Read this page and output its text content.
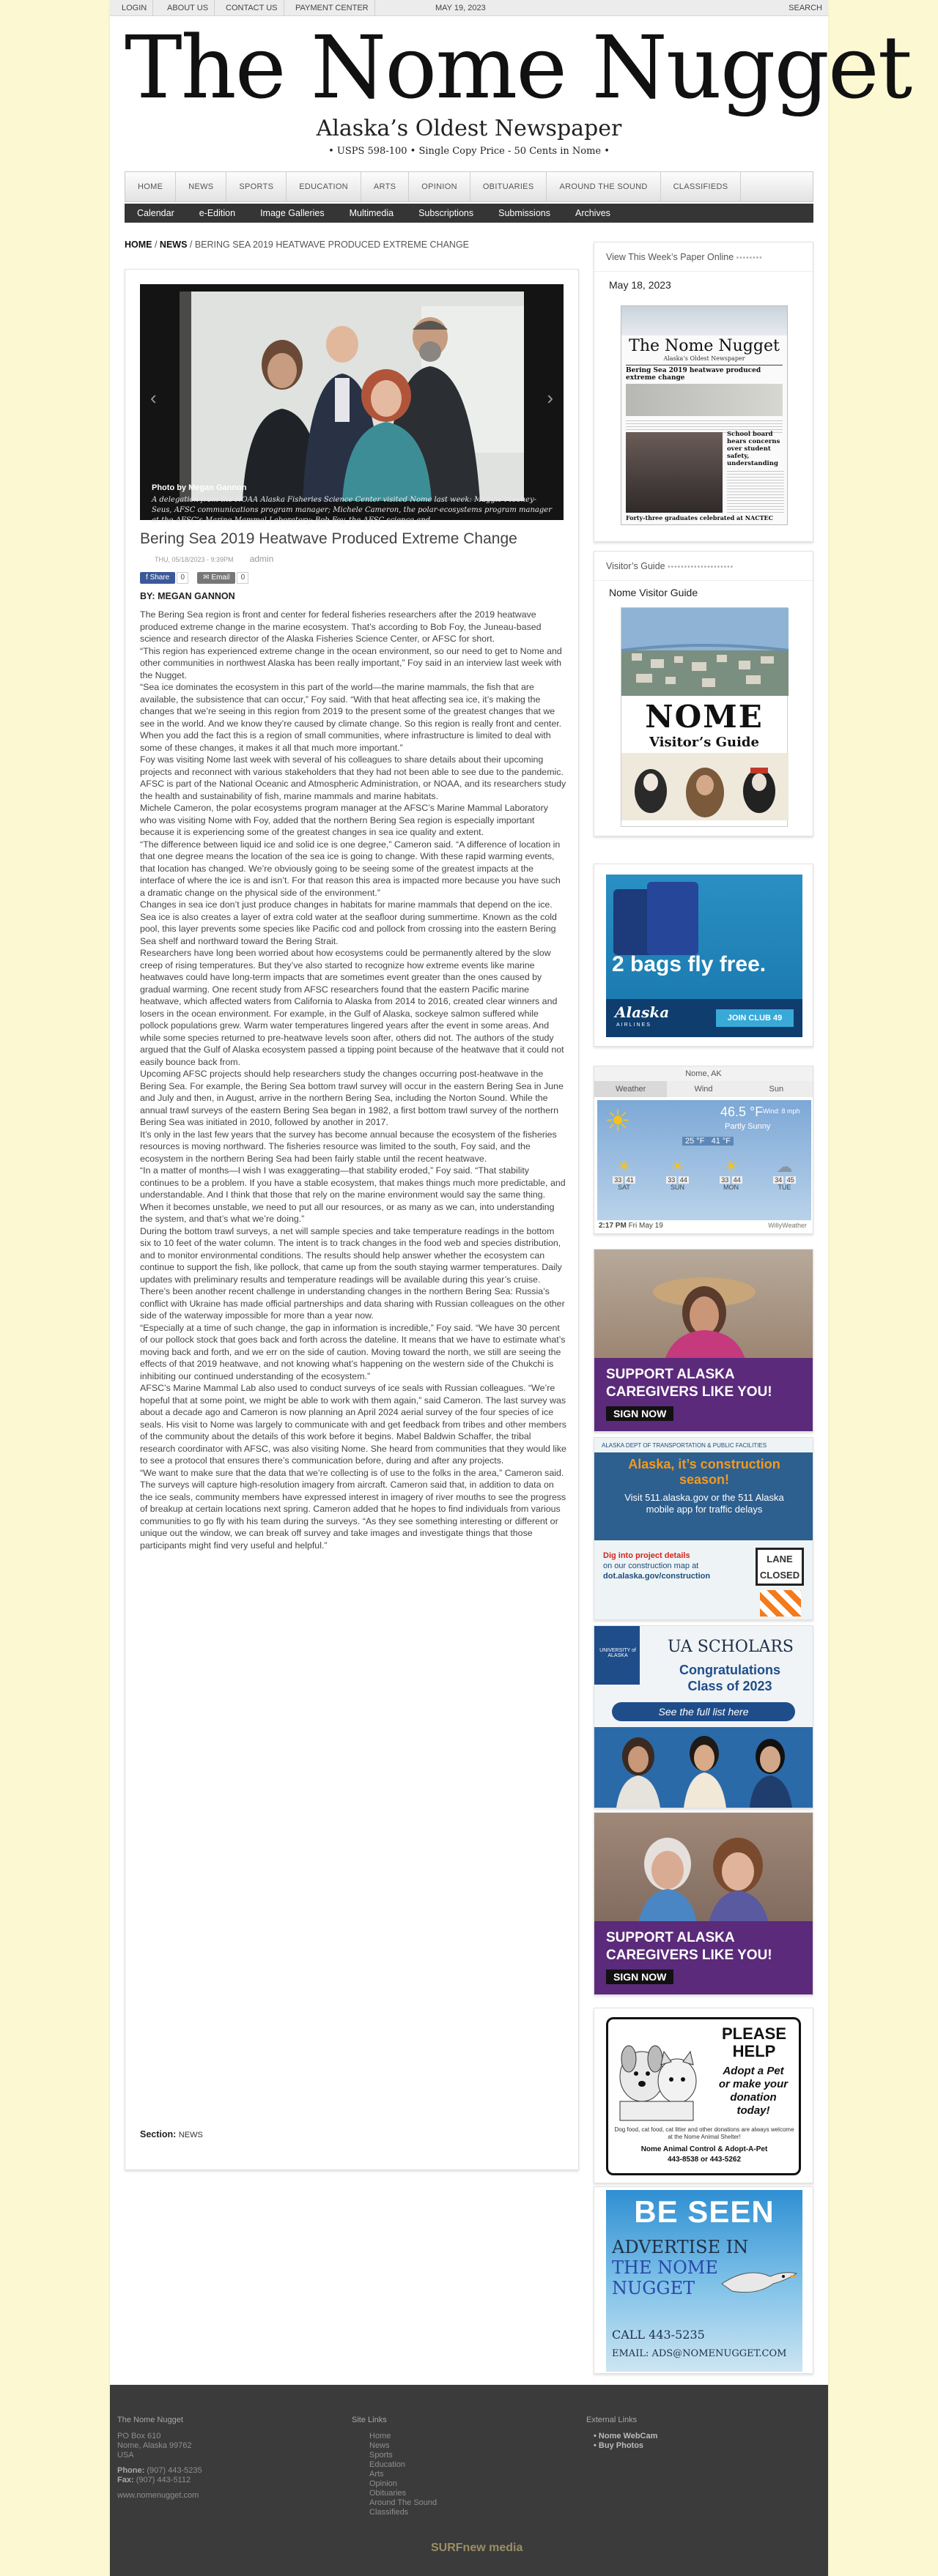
LOGIN	ABOUT US	CONTACT US	PAYMENT CENTER	MAY 19, 2023	SEARCH
The Nome Nugget
Alaska’s Oldest Newspaper
• USPS 598-100 • Single Copy Price - 50 Cents in Nome •
HOME	NEWS	SPORTS	EDUCATION	ARTS	OPINION	OBITUARIES	AROUND THE SOUND	CLASSIFIEDS
Calendar	e-Edition	Image Galleries	Multimedia	Subscriptions	Submissions	Archives
HOME / NEWS / BERING SEA 2019 HEATWAVE PRODUCED EXTREME CHANGE
‹	›
Photo by Megan Gannon
A delegation from the NOAA Alaska Fisheries Science Center visited Nome last week: Maggie Mooney-Seus, AFSC communications program manager; Michele Cameron, the polar-ecosystems program manager at the AFSC’s Marine Mammal Laboratory; Bob Foy, the AFSC science and
Bering Sea 2019 Heatwave Produced Extreme Change
THU, 05/18/2023 - 9:39PM admin
f Share	0	✉ Email	0
BY: MEGAN GANNON

The Bering Sea region is front and center for federal fisheries researchers after the 2019 heatwave produced extreme change in the marine ecosystem. That’s according to Bob Foy, the Juneau-based science and research director of the Alaska Fisheries Science Center, or AFSC for short.

“This region has experienced extreme change in the ocean environment, so our need to get to Nome and other communities in northwest Alaska has been really important,” Foy said in an interview last week with the Nugget.

“Sea ice dominates the ecosystem in this part of the world—the marine mammals, the fish that are available, the subsistence that can occur,” Foy said. “With that heat affecting sea ice, it’s making the changes that we’re seeing in this region from 2019 to the present some of the greatest changes that we see in the world. And we know they’re caused by climate change. So this region is really front and center. When you add the fact this is a region of small communities, where infrastructure is limited to deal with some of these changes, it makes it all that much more important.”

Foy was visiting Nome last week with several of his colleagues to share details about their upcoming projects and reconnect with various stakeholders that they had not been able to see due to the pandemic. AFSC is part of the National Oceanic and Atmospheric Administration, or NOAA, and its researchers study the health and sustainability of fish, marine mammals and marine habitats.

Michele Cameron, the polar ecosystems program manager at the AFSC’s Marine Mammal Laboratory who was visiting Nome with Foy, added that the northern Bering Sea region is especially important because it is experiencing some of the greatest changes in sea ice quality and extent.

“The difference between liquid ice and solid ice is one degree,” Cameron said. “A difference of location in that one degree means the location of the sea ice is going to change. With these rapid warming events, that location has changed. We’re obviously going to be seeing some of the greatest impacts at the interface of where the ice is and isn’t. For that reason this area is impacted more because you have such a dramatic change on the physical side of the environment.”

Changes in sea ice don’t just produce changes in habitats for marine mammals that depend on the ice. Sea ice is also creates a layer of extra cold water at the seafloor during summertime. Known as the cold pool, this layer prevents some species like Pacific cod and pollock from crossing into the eastern Bering Sea shelf and northward toward the Bering Strait.

Researchers have long been worried about how ecosystems could be permanently altered by the slow creep of rising temperatures. But they’ve also started to recognize how extreme events like marine heatwaves could have long-term impacts that are sometimes event greater than the ones caused by gradual warming. One recent study from AFSC researchers found that the eastern Pacific marine heatwave, which affected waters from California to Alaska from 2014 to 2016, created clear winners and losers in the ocean environment. For example, in the Gulf of Alaska, sockeye salmon suffered while pollock populations grew. Warm water temperatures lingered years after the event in some areas. And while some species returned to pre-heatwave levels soon after, others did not. The authors of the study argued that the Gulf of Alaska ecosystem passed a tipping point because of the heatwave that it could not easily bounce back from.

Upcoming AFSC projects should help researchers study the changes occurring post-heatwave in the Bering Sea. For example, the Bering Sea bottom trawl survey will occur in the eastern Bering Sea in June and July and then, in August, arrive in the northern Bering Sea, including the Norton Sound. While the annual trawl surveys of the eastern Bering Sea began in 1982, a first bottom trawl survey of the northern Bering Sea was initiated in 2010, followed by another in 2017.

It’s only in the last few years that the survey has become annual because the ecosystem of the fisheries resources is moving northward. The fisheries resource was limited to the south, Foy said, and the ecosystem in the northern Bering Sea had been fairly stable until the recent heatwave.

“In a matter of months—I wish I was exaggerating—that stability eroded,” Foy said. “That stability continues to be a problem. If you have a stable ecosystem, that makes things much more predictable, and understandable. And I think that those that rely on the marine environment would say the same thing. When it becomes unstable, we need to put all our resources, or as many as we can, into understanding the system, and that’s what we’re doing.”

During the bottom trawl surveys, a net will sample species and take temperature readings in the bottom six to 10 feet of the water column. The intent is to track changes in the food web and species distribution, and to monitor environmental conditions. The results should help answer whether the ecosystem can continue to support the fish, like pollock, that came up from the south staying warmer temperatures. Daily updates with preliminary results and temperature readings will be available during this year’s cruise.

There’s been another recent challenge in understanding changes in the northern Bering Sea: Russia’s conflict with Ukraine has made official partnerships and data sharing with Russian colleagues on the other side of the waterway impossible for more than a year now.

“Especially at a time of such change, the gap in information is incredible,” Foy said. “We have 30 percent of our pollock stock that goes back and forth across the dateline. It means that we have to estimate what’s moving back and forth, and we err on the side of caution. Moving toward the north, we still are seeing the effects of that 2019 heatwave, and not knowing what’s happening on the western side of the Chukchi is inhibiting our continued understanding of the ecosystem.”

AFSC’s Marine Mammal Lab also used to conduct surveys of ice seals with Russian colleagues. “We’re hopeful that at some point, we might be able to work with them again,” said Cameron. The last survey was about a decade ago and Cameron is now planning an April 2024 aerial survey of the four species of ice seals. His visit to Nome was largely to communicate with and get feedback from tribes and other members of the community about the details of this work before it begins. Mabel Baldwin Schaffer, the tribal research coordinator with AFSC, was also visiting Nome. She heard from communities that they would like to see a protocol that ensures there’s communication before, during and after any projects.

“We want to make sure that the data that we’re collecting is of use to the folks in the area,” Cameron said. The surveys will capture high-resolution imagery from aircraft. Cameron said that, in addition to data on the ice seals, community members have expressed interest in imagery of river mouths to see the progress of breakup at certain locations next spring. Cameron added that he hopes to find individuals from various communities to go fly with his team during the surveys. “As they see something interesting or different or unique out the window, we can break off survey and take images and investigate things that those participants might find very useful and helpful.”

Section: NEWS
View This Week’s Paper Online ••••••••
May 18, 2023
The Nome Nugget
Alaska’s Oldest Newspaper
Bering Sea 2019 heatwave produced extreme change
School board hears concerns over student safety, understanding
Forty-three graduates celebrated at NACTEC
Visitor’s Guide ••••••••••••••••••••
Nome Visitor Guide
NOME
Visitor’s Guide
2 bags fly free.
Alaska
AIRLINES
JOIN CLUB 49
Nome, AK
Weather	Wind	Sun
☀	46.5 °F
Partly Sunny
25 °F 41 °F
Wind: 8 mph
☀
33 41
SAT
☀
33 44
SUN
☀
33 44
MON
☁
34 45
TUE
2:17 PM Fri May 19	WillyWeather
SUPPORT ALASKA
CAREGIVERS LIKE YOU!
SIGN NOW
ALASKA DEPT OF TRANSPORTATION & PUBLIC FACILITIES
Alaska, it’s construction season!
Visit 511.alaska.gov or the 511 Alaska mobile app for traffic delays
Dig into project details
on our construction map at
dot.alaska.gov/construction
LANE CLOSED
UNIVERSITY of ALASKA	UA SCHOLARS
Congratulations
Class of 2023
See the full list here
SUPPORT ALASKA
CAREGIVERS LIKE YOU!
SIGN NOW
PLEASE
HELP
Adopt a Pet
or make your
donation
today!
Dog food, cat food, cat litter and other donations are always welcome at the Nome Animal Shelter!
Nome Animal Control & Adopt-A-Pet
443-8538 or 443-5262
BE SEEN
ADVERTISE IN
THE NOME
NUGGET
CALL 443-5235
EMAIL: ADS@NOMENUGGET.COM
The Nome Nugget
PO Box 610
Nome, Alaska 99762
USA
Phone: (907) 443-5235
Fax: (907) 443-5112
www.nomenugget.com
Site Links
Home
News
Sports
Education
Arts
Opinion
Obituaries
Around The Sound
Classifieds
External Links
• Nome WebCam
• Buy Photos
SURFnew media
